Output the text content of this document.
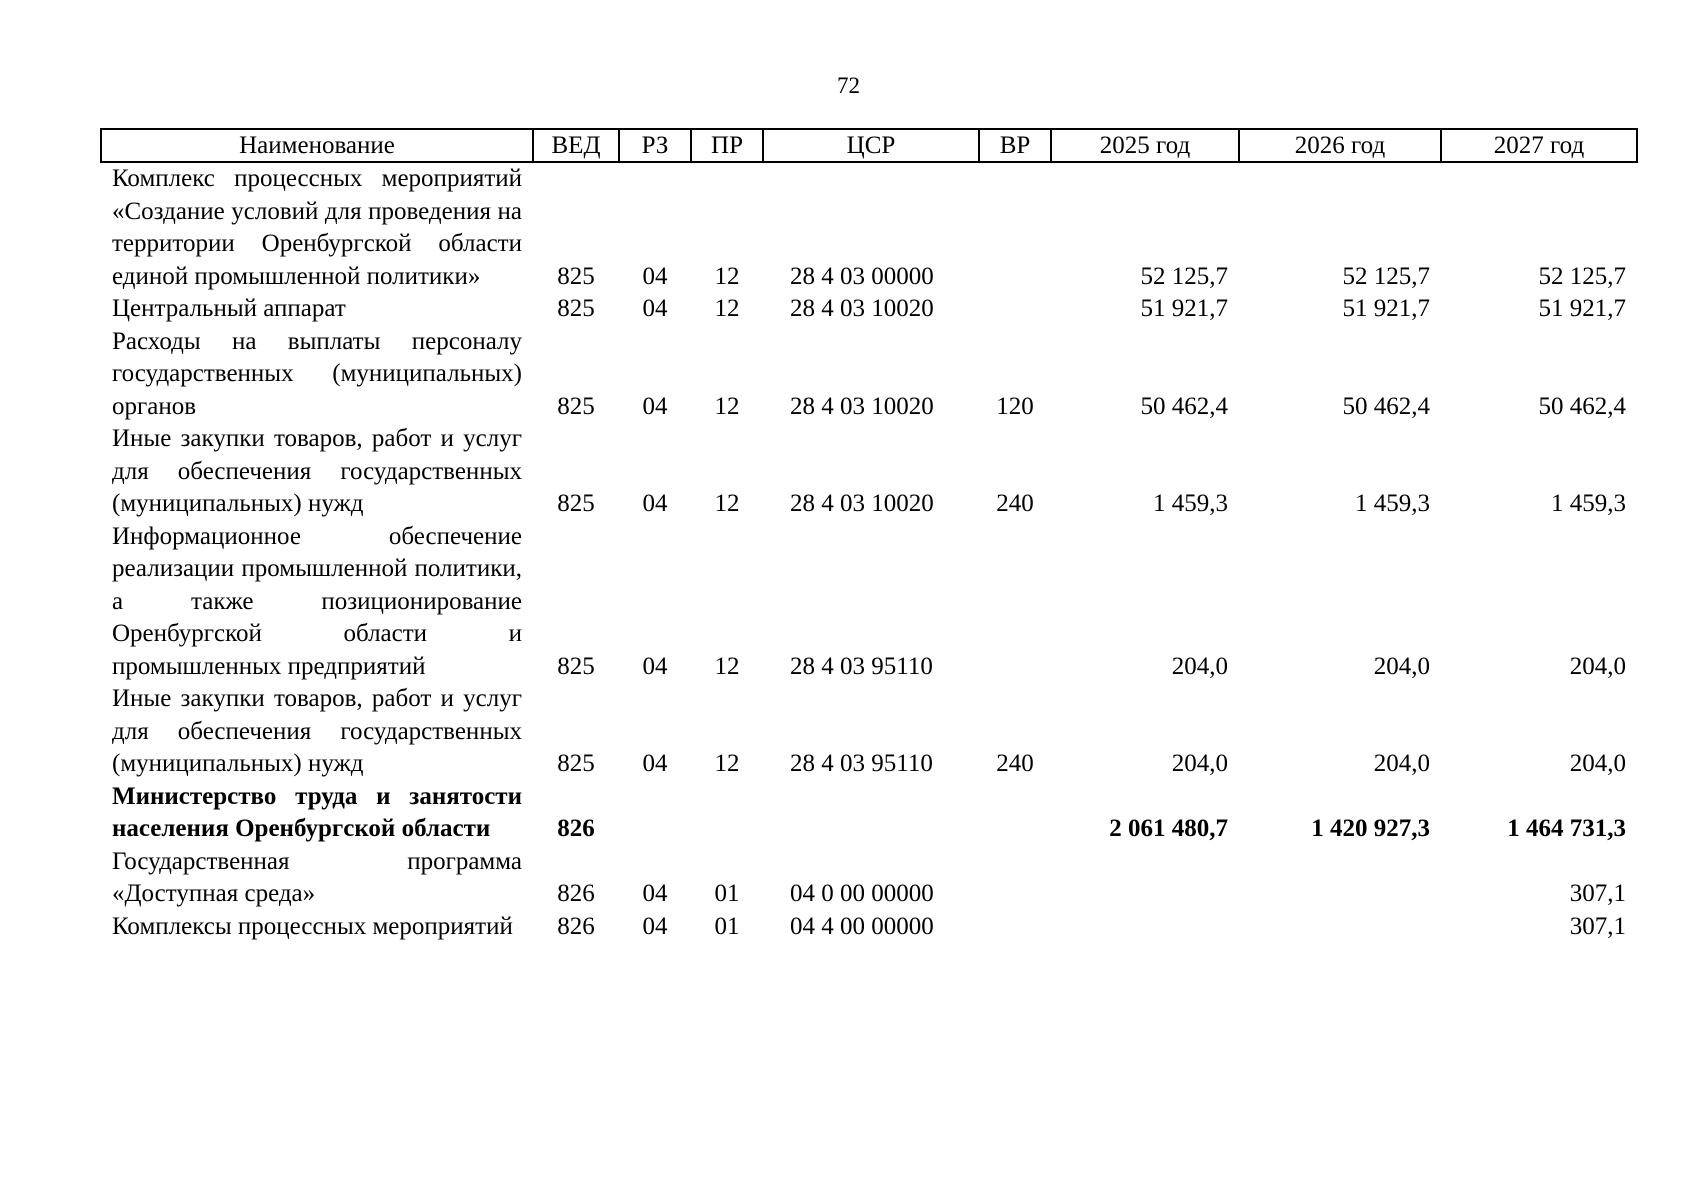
72
Наименование	ВЕД	РЗ	ПР	ЦСР	ВР	2025 год	2026 год	2027 год
Комплекс процессных мероприятий «Создание условий для проведения на территории Оренбургской области единой промышленной политики»	825	04	12	28 4 03 00000		52 125,7	52 125,7	52 125,7
Центральный аппарат	825	04	12	28 4 03 10020		51 921,7	51 921,7	51 921,7
Расходы на выплаты персоналу государственных (муниципальных) органов	825	04	12	28 4 03 10020	120	50 462,4	50 462,4	50 462,4
Иные закупки товаров, работ и услуг для обеспечения государственных (муниципальных) нужд	825	04	12	28 4 03 10020	240	1 459,3	1 459,3	1 459,3
Информационное обеспечение реализации промышленной политики, а также позиционирование Оренбургской области и промышленных предприятий	825	04	12	28 4 03 95110		204,0	204,0	204,0
Иные закупки товаров, работ и услуг для обеспечения государственных (муниципальных) нужд	825	04	12	28 4 03 95110	240	204,0	204,0	204,0
Министерство труда и занятости населения Оренбургской области	826					2 061 480,7	1 420 927,3	1 464 731,3
Государственная программа «Доступная среда»	826	04	01	04 0 00 00000				307,1
Комплексы процессных мероприятий	826	04	01	04 4 00 00000				307,1
